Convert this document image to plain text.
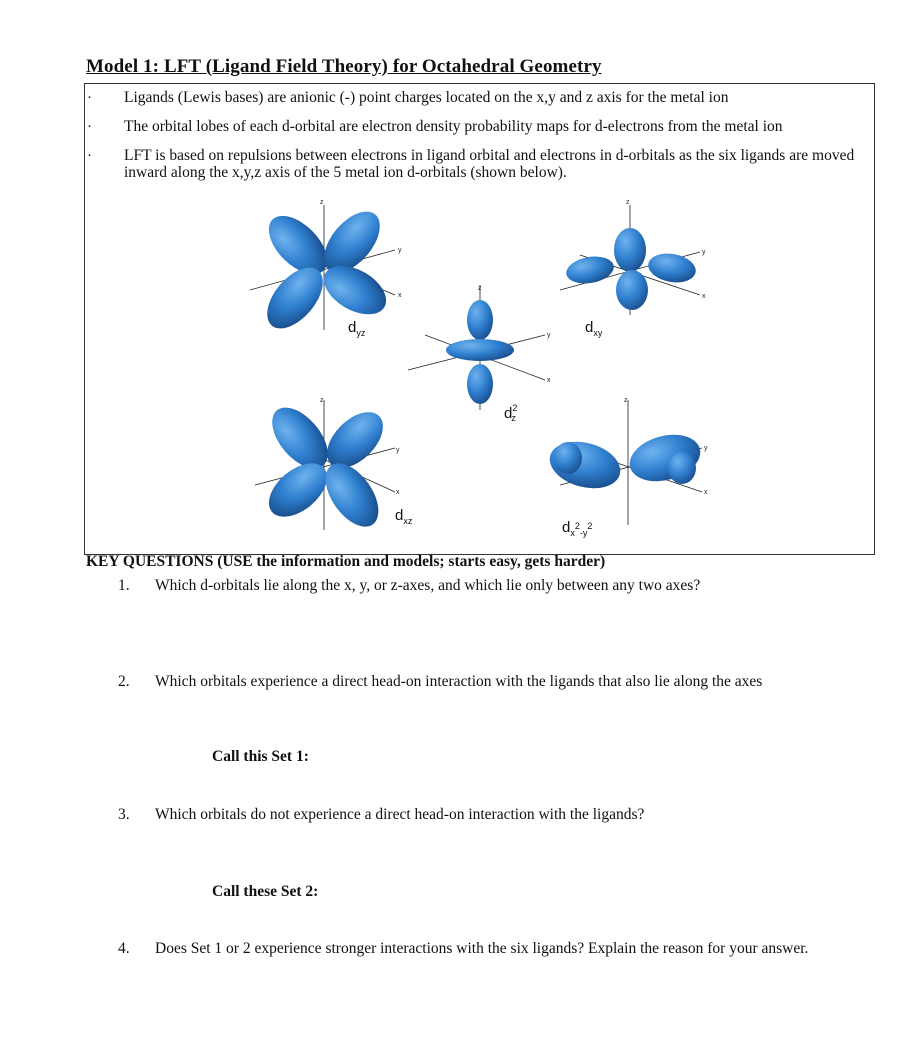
Model 1: LFT (Ligand Field Theory) for Octahedral Geometry
· Ligands (Lewis bases) are anionic (-) point charges located on the x,y and z axis for the metal ion
· The orbital lobes of each d-orbital are electron density probability maps for d-electrons from the metal ion
· LFT is based on repulsions between electrons in ligand orbital and electrons in d-orbitals as the six ligands are moved inward along the x,y,z axis of the 5 metal ion d-orbitals (shown below).
z
y
x
$d_{yz}$
z
y
x
$d_{xy}$
z
y
x
$d^2$ z
z
y
x
$d_{xz}$
z
y
x
$d_x^2_{-y}^2$
KEY QUESTIONS (USE the information and models; starts easy, gets harder)
1. Which d-orbitals lie along the x, y, or z-axes, and which lie only between any two axes?
2. Which orbitals experience a direct head-on interaction with the ligands that also lie along the axes
Call this Set 1:
3. Which orbitals do not experience a direct head-on interaction with the ligands?
Call these Set 2:
4. Does Set 1 or 2 experience stronger interactions with the six ligands? Explain the reason for your answer.
